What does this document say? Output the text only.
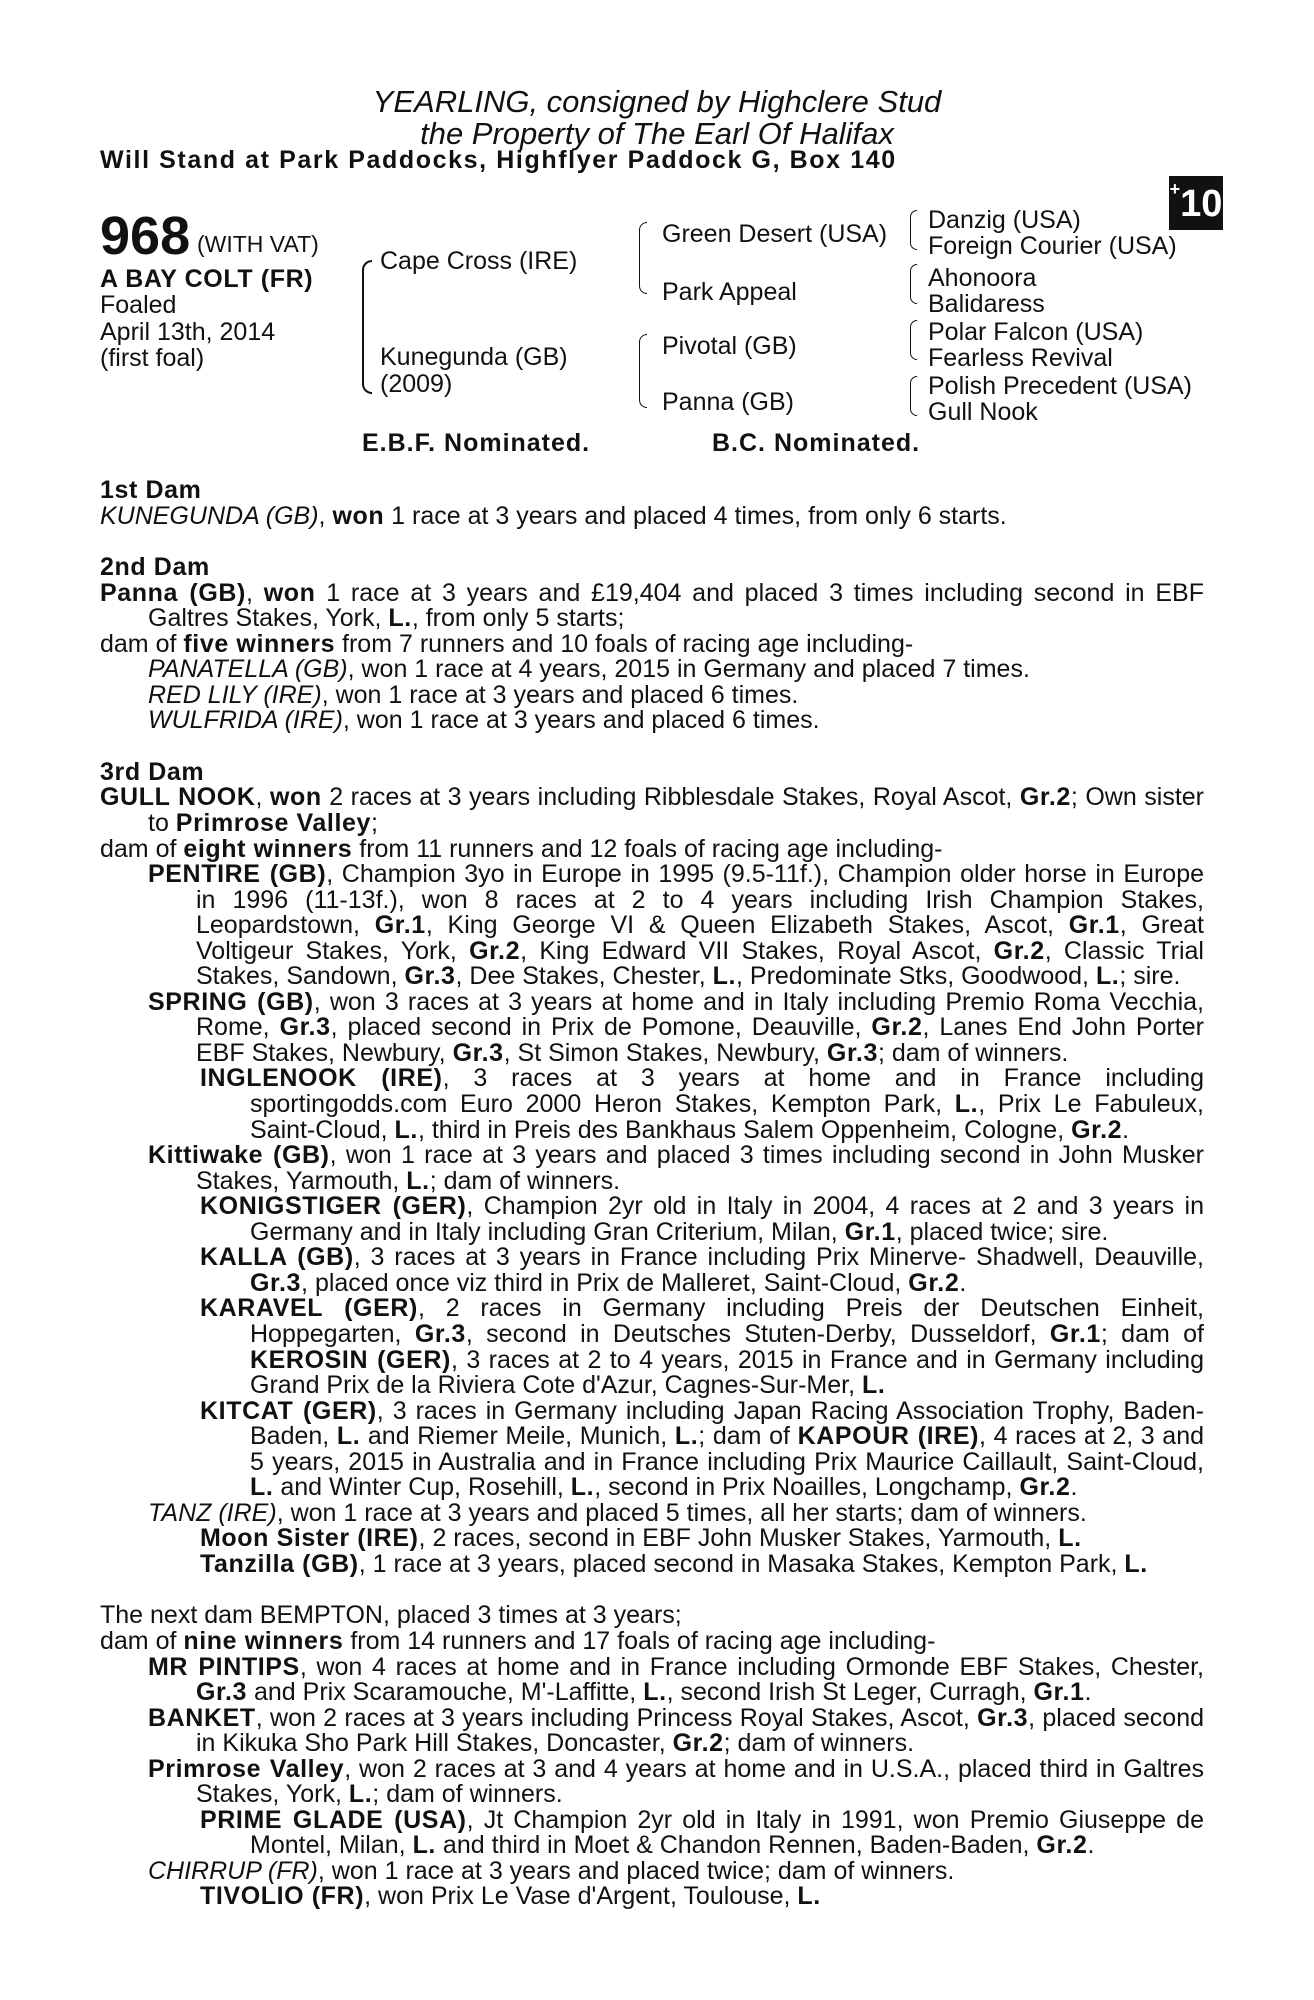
YEARLING, consigned by Highclere Stud
the Property of The Earl Of Halifax
Will Stand at Park Paddocks, Highflyer Paddock G, Box 140
+10
968 (WITH VAT)
A BAY COLT (FR)
Foaled
April 13th, 2014
(first foal)
Cape Cross (IRE)
Kunegunda (GB)
(2009)
Green Desert (USA)
Park Appeal
Pivotal (GB)
Panna (GB)
Danzig (USA)
Foreign Courier (USA)
Ahonoora
Balidaress
Polar Falcon (USA)
Fearless Revival
Polish Precedent (USA)
Gull Nook
E.B.F. Nominated.	B.C. Nominated.

1st Dam

KUNEGUNDA (GB), won 1 race at 3 years and placed 4 times, from only 6 starts.

2nd Dam

Panna (GB), won 1 race at 3 years and £19,404 and placed 3 times including second in EBF Galtres Stakes, York, L., from only 5 starts;

dam of five winners from 7 runners and 10 foals of racing age including-

PANATELLA (GB), won 1 race at 4 years, 2015 in Germany and placed 7 times.

RED LILY (IRE), won 1 race at 3 years and placed 6 times.

WULFRIDA (IRE), won 1 race at 3 years and placed 6 times.

3rd Dam

GULL NOOK, won 2 races at 3 years including Ribblesdale Stakes, Royal Ascot, Gr.2; Own sister to Primrose Valley;

dam of eight winners from 11 runners and 12 foals of racing age including-

PENTIRE (GB), Champion 3yo in Europe in 1995 (9.5-11f.), Champion older horse in Europe in 1996 (11-13f.), won 8 races at 2 to 4 years including Irish Champion Stakes, Leopardstown, Gr.1, King George VI & Queen Elizabeth Stakes, Ascot, Gr.1, Great Voltigeur Stakes, York, Gr.2, King Edward VII Stakes, Royal Ascot, Gr.2, Classic Trial Stakes, Sandown, Gr.3, Dee Stakes, Chester, L., Predominate Stks, Goodwood, L.; sire.

SPRING (GB), won 3 races at 3 years at home and in Italy including Premio Roma Vecchia, Rome, Gr.3, placed second in Prix de Pomone, Deauville, Gr.2, Lanes End John Porter EBF Stakes, Newbury, Gr.3, St Simon Stakes, Newbury, Gr.3; dam of winners.

INGLENOOK (IRE), 3 races at 3 years at home and in France including sportingodds.com Euro 2000 Heron Stakes, Kempton Park, L., Prix Le Fabuleux, Saint-Cloud, L., third in Preis des Bankhaus Salem Oppenheim, Cologne, Gr.2.

Kittiwake (GB), won 1 race at 3 years and placed 3 times including second in John Musker Stakes, Yarmouth, L.; dam of winners.

KONIGSTIGER (GER), Champion 2yr old in Italy in 2004, 4 races at 2 and 3 years in Germany and in Italy including Gran Criterium, Milan, Gr.1, placed twice; sire.

KALLA (GB), 3 races at 3 years in France including Prix Minerve- Shadwell, Deauville, Gr.3, placed once viz third in Prix de Malleret, Saint-Cloud, Gr.2.

KARAVEL (GER), 2 races in Germany including Preis der Deutschen Einheit, Hoppegarten, Gr.3, second in Deutsches Stuten-Derby, Dusseldorf, Gr.1; dam of KEROSIN (GER), 3 races at 2 to 4 years, 2015 in France and in Germany including Grand Prix de la Riviera Cote d'Azur, Cagnes-Sur-Mer, L.

KITCAT (GER), 3 races in Germany including Japan Racing Association Trophy, Baden-Baden, L. and Riemer Meile, Munich, L.; dam of KAPOUR (IRE), 4 races at 2, 3 and 5 years, 2015 in Australia and in France including Prix Maurice Caillault, Saint-Cloud, L. and Winter Cup, Rosehill, L., second in Prix Noailles, Longchamp, Gr.2.

TANZ (IRE), won 1 race at 3 years and placed 5 times, all her starts; dam of winners.

Moon Sister (IRE), 2 races, second in EBF John Musker Stakes, Yarmouth, L.

Tanzilla (GB), 1 race at 3 years, placed second in Masaka Stakes, Kempton Park, L.

The next dam BEMPTON, placed 3 times at 3 years;

dam of nine winners from 14 runners and 17 foals of racing age including-

MR PINTIPS, won 4 races at home and in France including Ormonde EBF Stakes, Chester, Gr.3 and Prix Scaramouche, M'-Laffitte, L., second Irish St Leger, Curragh, Gr.1.

BANKET, won 2 races at 3 years including Princess Royal Stakes, Ascot, Gr.3, placed second in Kikuka Sho Park Hill Stakes, Doncaster, Gr.2; dam of winners.

Primrose Valley, won 2 races at 3 and 4 years at home and in U.S.A., placed third in Galtres Stakes, York, L.; dam of winners.

PRIME GLADE (USA), Jt Champion 2yr old in Italy in 1991, won Premio Giuseppe de Montel, Milan, L. and third in Moet & Chandon Rennen, Baden-Baden, Gr.2.

CHIRRUP (FR), won 1 race at 3 years and placed twice; dam of winners.

TIVOLIO (FR), won Prix Le Vase d'Argent, Toulouse, L.
